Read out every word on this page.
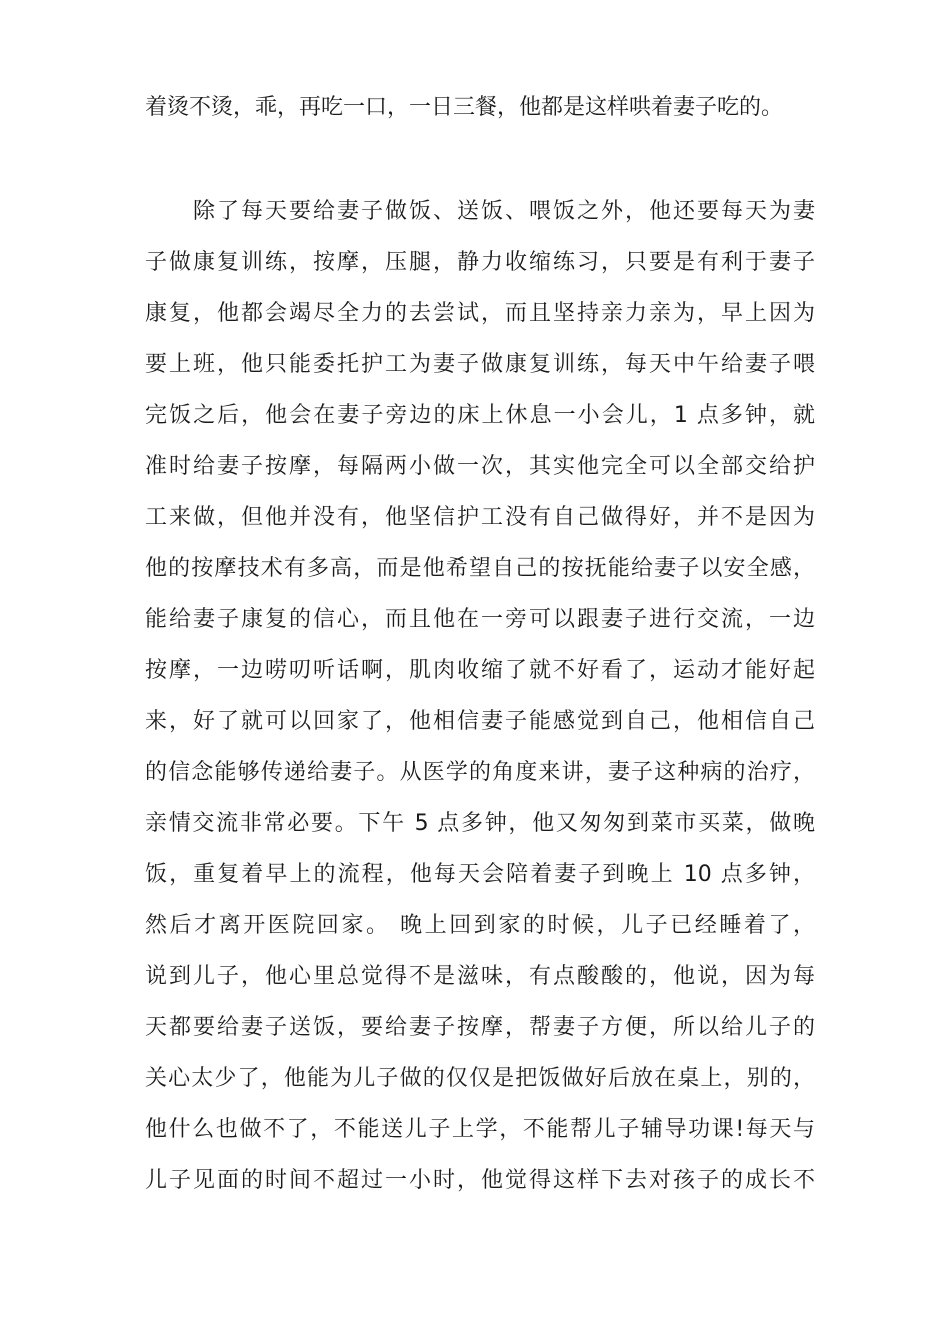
着烫不烫，乖，再吃一口，一日三餐，他都是这样哄着妻子吃的。
除了每天要给妻子做饭、送饭、喂饭之外，他还要每天为妻
子做康复训练，按摩，压腿，静力收缩练习，只要是有利于妻子
康复，他都会竭尽全力的去尝试，而且坚持亲力亲为，早上因为
要上班，他只能委托护工为妻子做康复训练，每天中午给妻子喂
完饭之后，他会在妻子旁边的床上休息一小会儿，1 点多钟，就
准时给妻子按摩，每隔两小做一次，其实他完全可以全部交给护
工来做，但他并没有，他坚信护工没有自己做得好，并不是因为
他的按摩技术有多高，而是他希望自己的按抚能给妻子以安全感，
能给妻子康复的信心，而且他在一旁可以跟妻子进行交流，一边
按摩，一边唠叨听话啊，肌肉收缩了就不好看了，运动才能好起
来，好了就可以回家了，他相信妻子能感觉到自己，他相信自己
的信念能够传递给妻子。从医学的角度来讲，妻子这种病的治疗，
亲情交流非常必要。下午 5 点多钟，他又匆匆到菜市买菜，做晚
饭，重复着早上的流程，他每天会陪着妻子到晚上 10 点多钟，
然后才离开医院回家。 晚上回到家的时候，儿子已经睡着了，
说到儿子，他心里总觉得不是滋味，有点酸酸的，他说，因为每
天都要给妻子送饭，要给妻子按摩，帮妻子方便，所以给儿子的
关心太少了，他能为儿子做的仅仅是把饭做好后放在桌上，别的，
他什么也做不了，不能送儿子上学，不能帮儿子辅导功课!每天与
儿子见面的时间不超过一小时，他觉得这样下去对孩子的成长不
